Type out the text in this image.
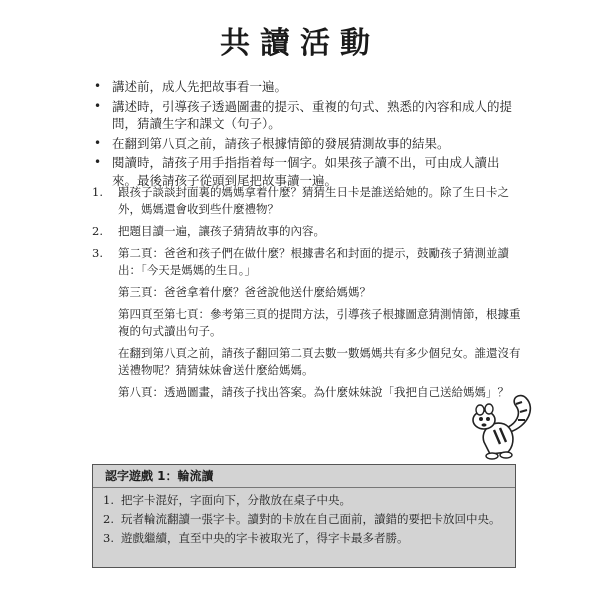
共讀活動
• 講述前，成人先把故事看一遍。
• 講述時，引導孩子透過圖畫的提示、重複的句式、熟悉的內容和成人的提問，猜讀生字和課文（句子）。
• 在翻到第八頁之前，請孩子根據情節的發展猜測故事的結果。
• 閱讀時，請孩子用手指指着每一個字。如果孩子讀不出，可由成人讀出來。最後請孩子從頭到尾把故事讀一遍。
1. 跟孩子談談封面裏的媽媽拿着什麼？猜猜生日卡是誰送給她的。除了生日卡之外，媽媽還會收到些什麼禮物？
2. 把題目讀一遍，讓孩子猜猜故事的內容。
3. 第二頁：爸爸和孩子們在做什麼？根據書名和封面的提示，鼓勵孩子猜測並讀出：「今天是媽媽的生日。」
第三頁：爸爸拿着什麼？爸爸說他送什麼給媽媽？
第四頁至第七頁：參考第三頁的提問方法，引導孩子根據圖意猜測情節，根據重複的句式讀出句子。
在翻到第八頁之前，請孩子翻回第二頁去數一數媽媽共有多少個兒女。誰還沒有送禮物呢？猜猜妹妹會送什麼給媽媽。
第八頁：透過圖畫，請孩子找出答案。為什麼妹妹說「我把自己送給媽媽」？
認字遊戲 1：輪流讀
1. 把字卡混好，字面向下，分散放在桌子中央。
2. 玩者輪流翻讀一張字卡。讀對的卡放在自己面前，讀錯的要把卡放回中央。
3. 遊戲繼續，直至中央的字卡被取光了，得字卡最多者勝。
